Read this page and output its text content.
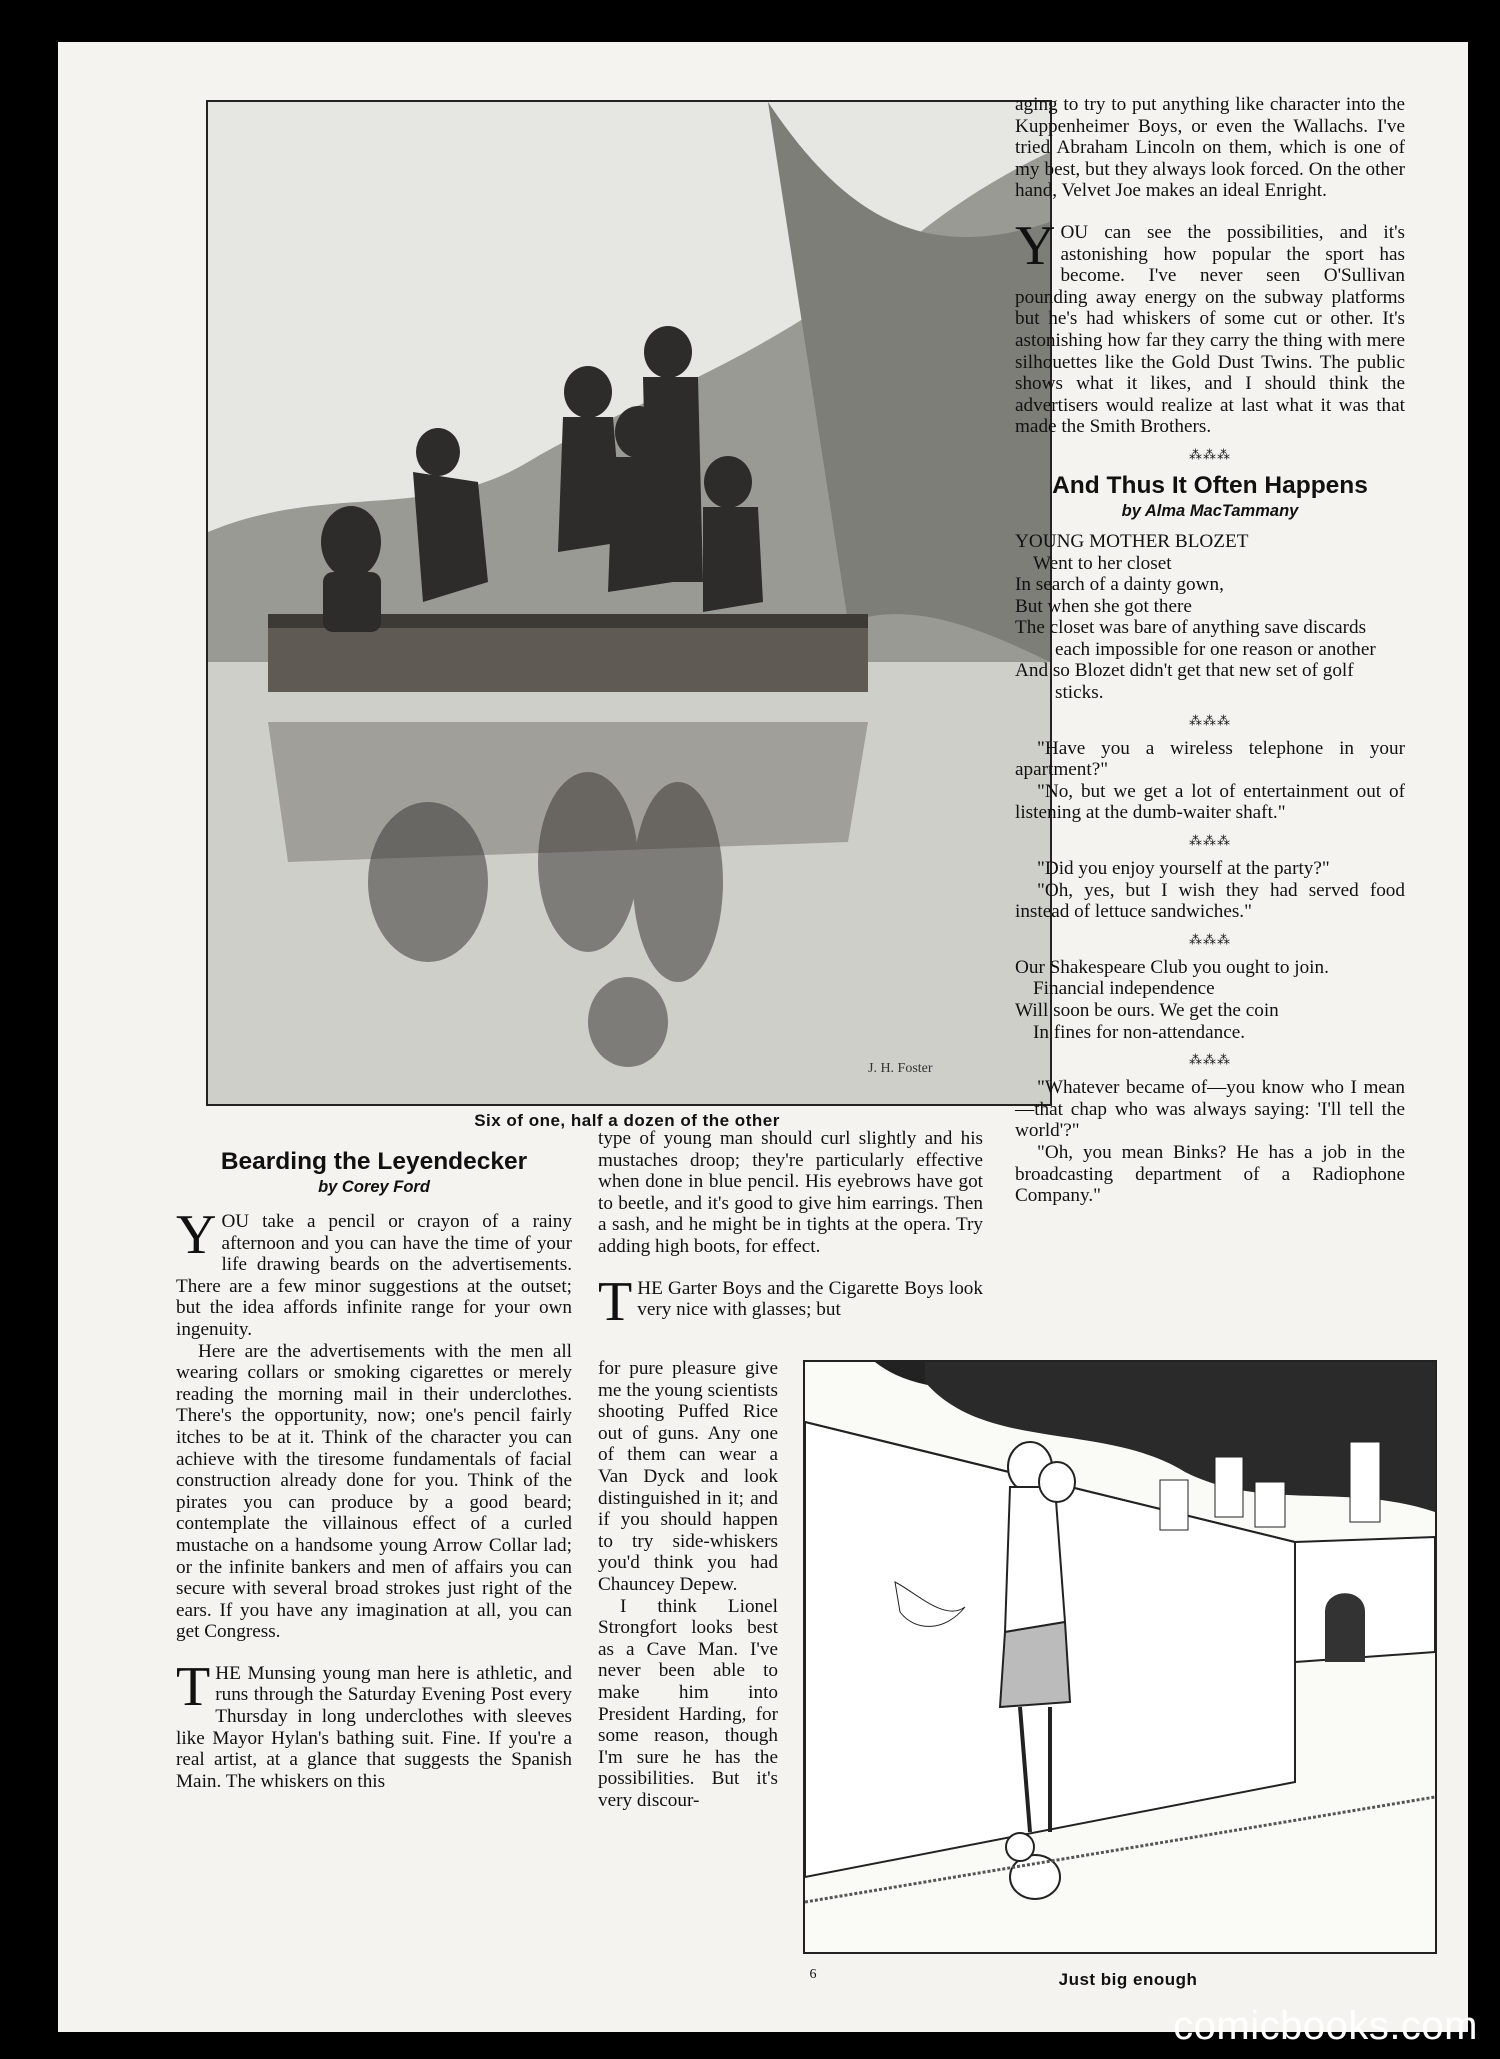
J. H. Foster
Six of one, half a dozen of the other
Bearding the Leyendecker
by Corey Ford

YOU take a pencil or crayon of a rainy afternoon and you can have the time of your life drawing beards on the advertisements. There are a few minor suggestions at the outset; but the idea affords infinite range for your own ingenuity.

Here are the advertisements with the men all wearing collars or smoking cigarettes or merely reading the morning mail in their underclothes. There's the opportunity, now; one's pencil fairly itches to be at it. Think of the character you can achieve with the tiresome fundamentals of facial construction already done for you. Think of the pirates you can produce by a good beard; contemplate the villainous effect of a curled mustache on a handsome young Arrow Collar lad; or the infinite bankers and men of affairs you can secure with several broad strokes just right of the ears. If you have any imagination at all, you can get Congress.

THE Munsing young man here is athletic, and runs through the Saturday Evening Post every Thursday in long underclothes with sleeves like Mayor Hylan's bathing suit. Fine. If you're a real artist, at a glance that suggests the Spanish Main. The whiskers on this

type of young man should curl slightly and his mustaches droop; they're particularly effective when done in blue pencil. His eyebrows have got to beetle, and it's good to give him earrings. Then a sash, and he might be in tights at the opera. Try adding high boots, for effect.

THE Garter Boys and the Cigarette Boys look very nice with glasses; but

for pure pleasure give me the young scientists shooting Puffed Rice out of guns. Any one of them can wear a Van Dyck and look distinguished in it; and if you should happen to try side-whiskers you'd think you had Chauncey Depew.

I think Lionel Strongfort looks best as a Cave Man. I've never been able to make him into President Harding, for some reason, though I'm sure he has the possibilities. But it's very discour-

aging to try to put anything like character into the Kuppenheimer Boys, or even the Wallachs. I've tried Abraham Lincoln on them, which is one of my best, but they always look forced. On the other hand, Velvet Joe makes an ideal Enright.

YOU can see the possibilities, and it's astonishing how popular the sport has become. I've never seen O'Sullivan pounding away energy on the subway platforms but he's had whiskers of some cut or other. It's astonishing how far they carry the thing with mere silhouettes like the Gold Dust Twins. The public shows what it likes, and I should think the advertisers would realize at last what it was that made the Smith Brothers.

⁂⁂⁂
And Thus It Often Happens
by Alma MacTammany
YOUNG MOTHER BLOZET
Went to her closet
In search of a dainty gown,
But when she got there
The closet was bare of anything save discards each impossible for one reason or another
And so Blozet didn't get that new set of golf sticks.
⁂⁂⁂

"Have you a wireless telephone in your apartment?"

"No, but we get a lot of entertainment out of listening at the dumb-waiter shaft."

⁂⁂⁂

"Did you enjoy yourself at the party?"

"Oh, yes, but I wish they had served food instead of lettuce sandwiches."

⁂⁂⁂
Our Shakespeare Club you ought to join.
Financial independence
Will soon be ours. We get the coin
In fines for non-attendance.
⁂⁂⁂

"Whatever became of—you know who I mean—that chap who was always saying: 'I'll tell the world'?"

"Oh, you mean Binks? He has a job in the broadcasting department of a Radiophone Company."

Just big enough
6
comicbooks.com
